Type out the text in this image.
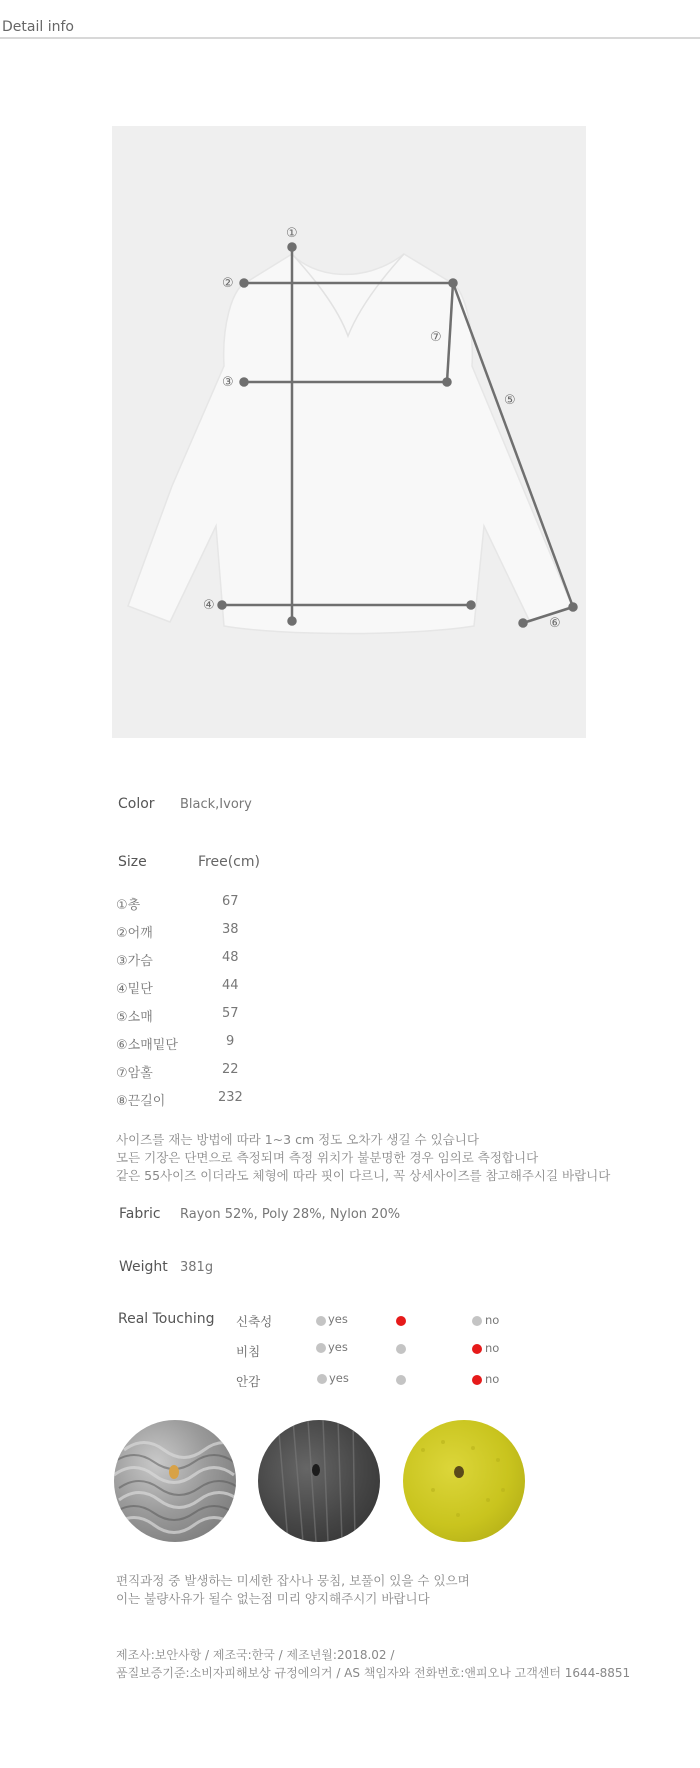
Detail info
①
②
③
④
⑤
⑥
⑦
Color Black,Ivory
Size	Free(cm)
①총	67
②어깨	38
③가슴	48
④밑단	44
⑤소매	57
⑥소매밑단	9
⑦암홀	22
⑧끈길이	232
사이즈를 재는 방법에 따라 1~3 cm 정도 오차가 생길 수 있습니다
모든 기장은 단면으로 측정되며 측정 위치가 불분명한 경우 임의로 측정합니다
같은 55사이즈 이더라도 체형에 따라 핏이 다르니, 꼭 상세사이즈를 참고해주시길 바랍니다
Fabric Rayon 52%, Poly 28%, Nylon 20%
Weight 381g
Real Touching 신축성	yes	no
비침	yes	no
안감	yes	no
편직과정 중 발생하는 미세한 잡사나 뭉침, 보풀이 있을 수 있으며
이는 불량사유가 될수 없는점 미리 양지해주시기 바랍니다
제조사:보안사항 / 제조국:한국 / 제조년월:2018.02 /
품질보증기준:소비자피해보상 규정에의거 / AS 책임자와 전화번호:앤피오나 고객센터 1644-8851
